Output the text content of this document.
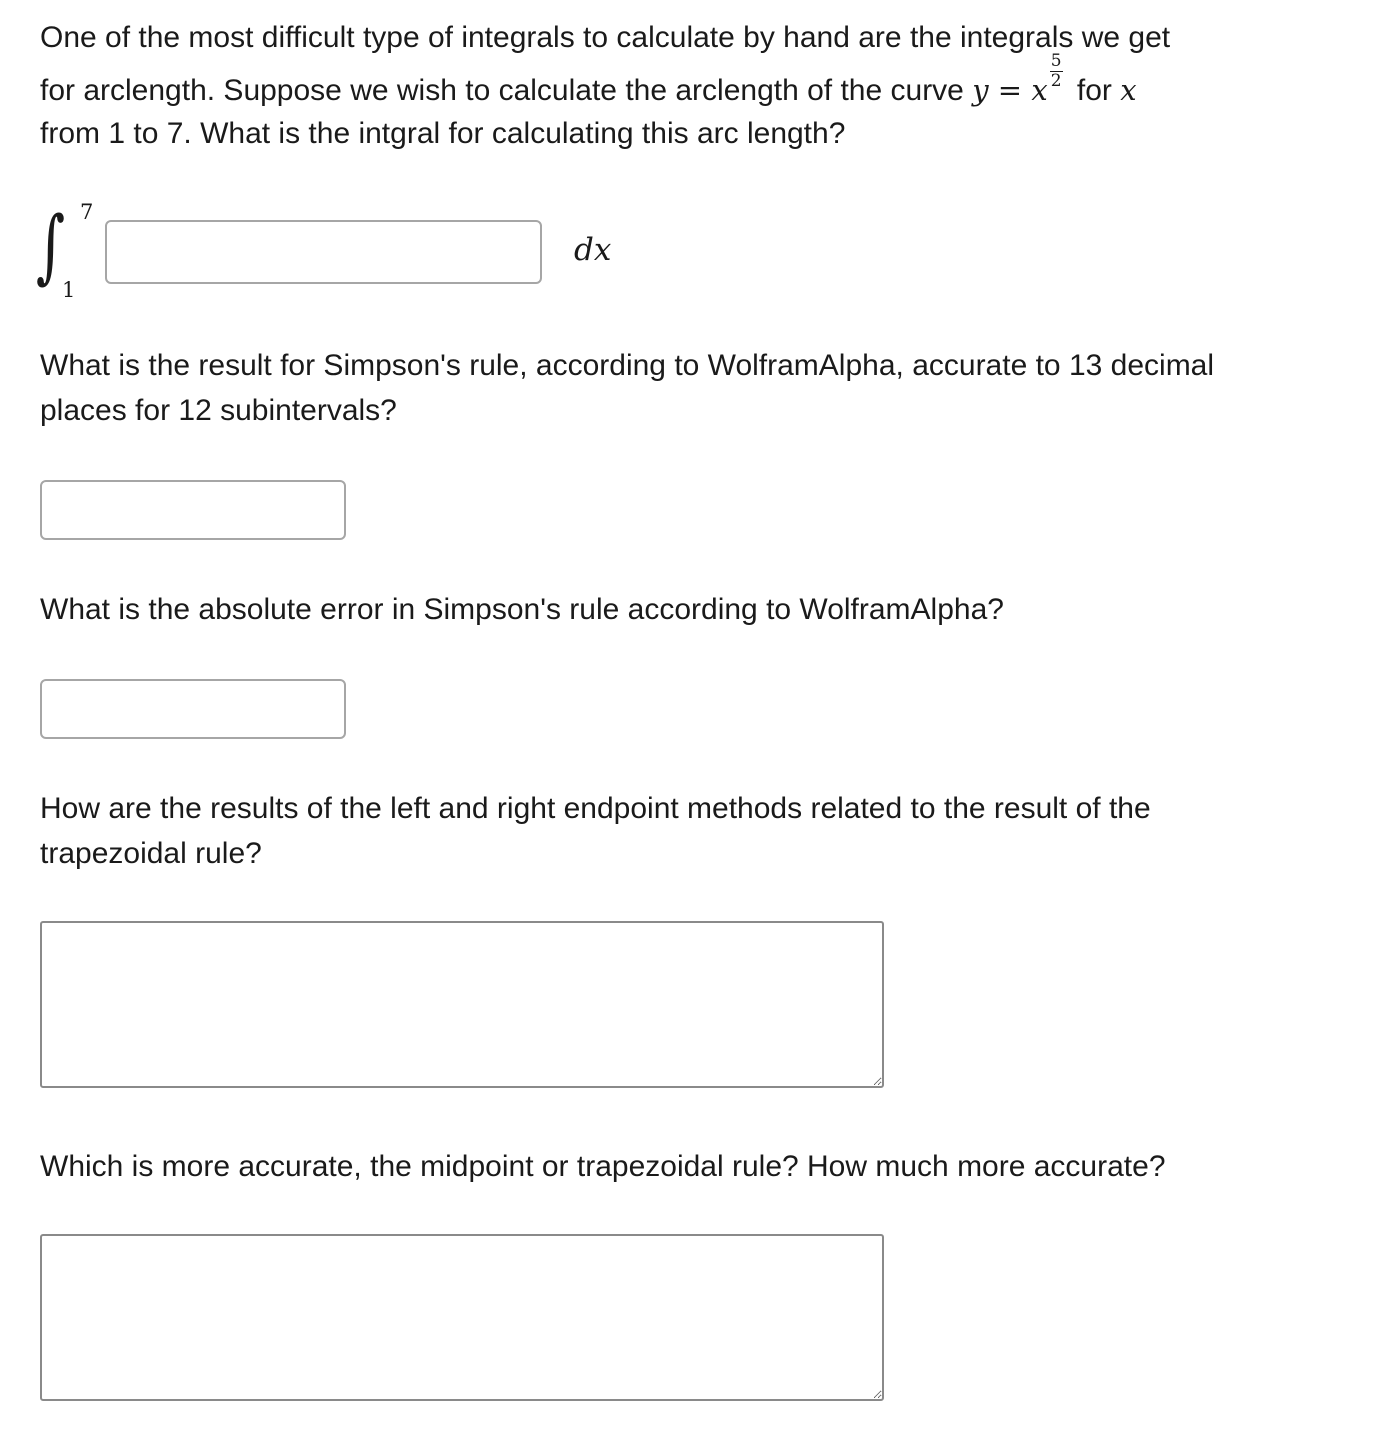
One of the most difficult type of integrals to calculate by hand are the integrals we get

for arclength. Suppose we wish to calculate the arclength of the curve y = x $\frac{5}{2}$
for x

from 1 to 7. What is the intgral for calculating this arc length?

∫ 7
1
dx

What is the result for Simpson's rule, according to WolframAlpha, accurate to 13 decimal

places for 12 subintervals?

What is the absolute error in Simpson's rule according to WolframAlpha?

How are the results of the left and right endpoint methods related to the result of the

trapezoidal rule?

Which is more accurate, the midpoint or trapezoidal rule? How much more accurate?
